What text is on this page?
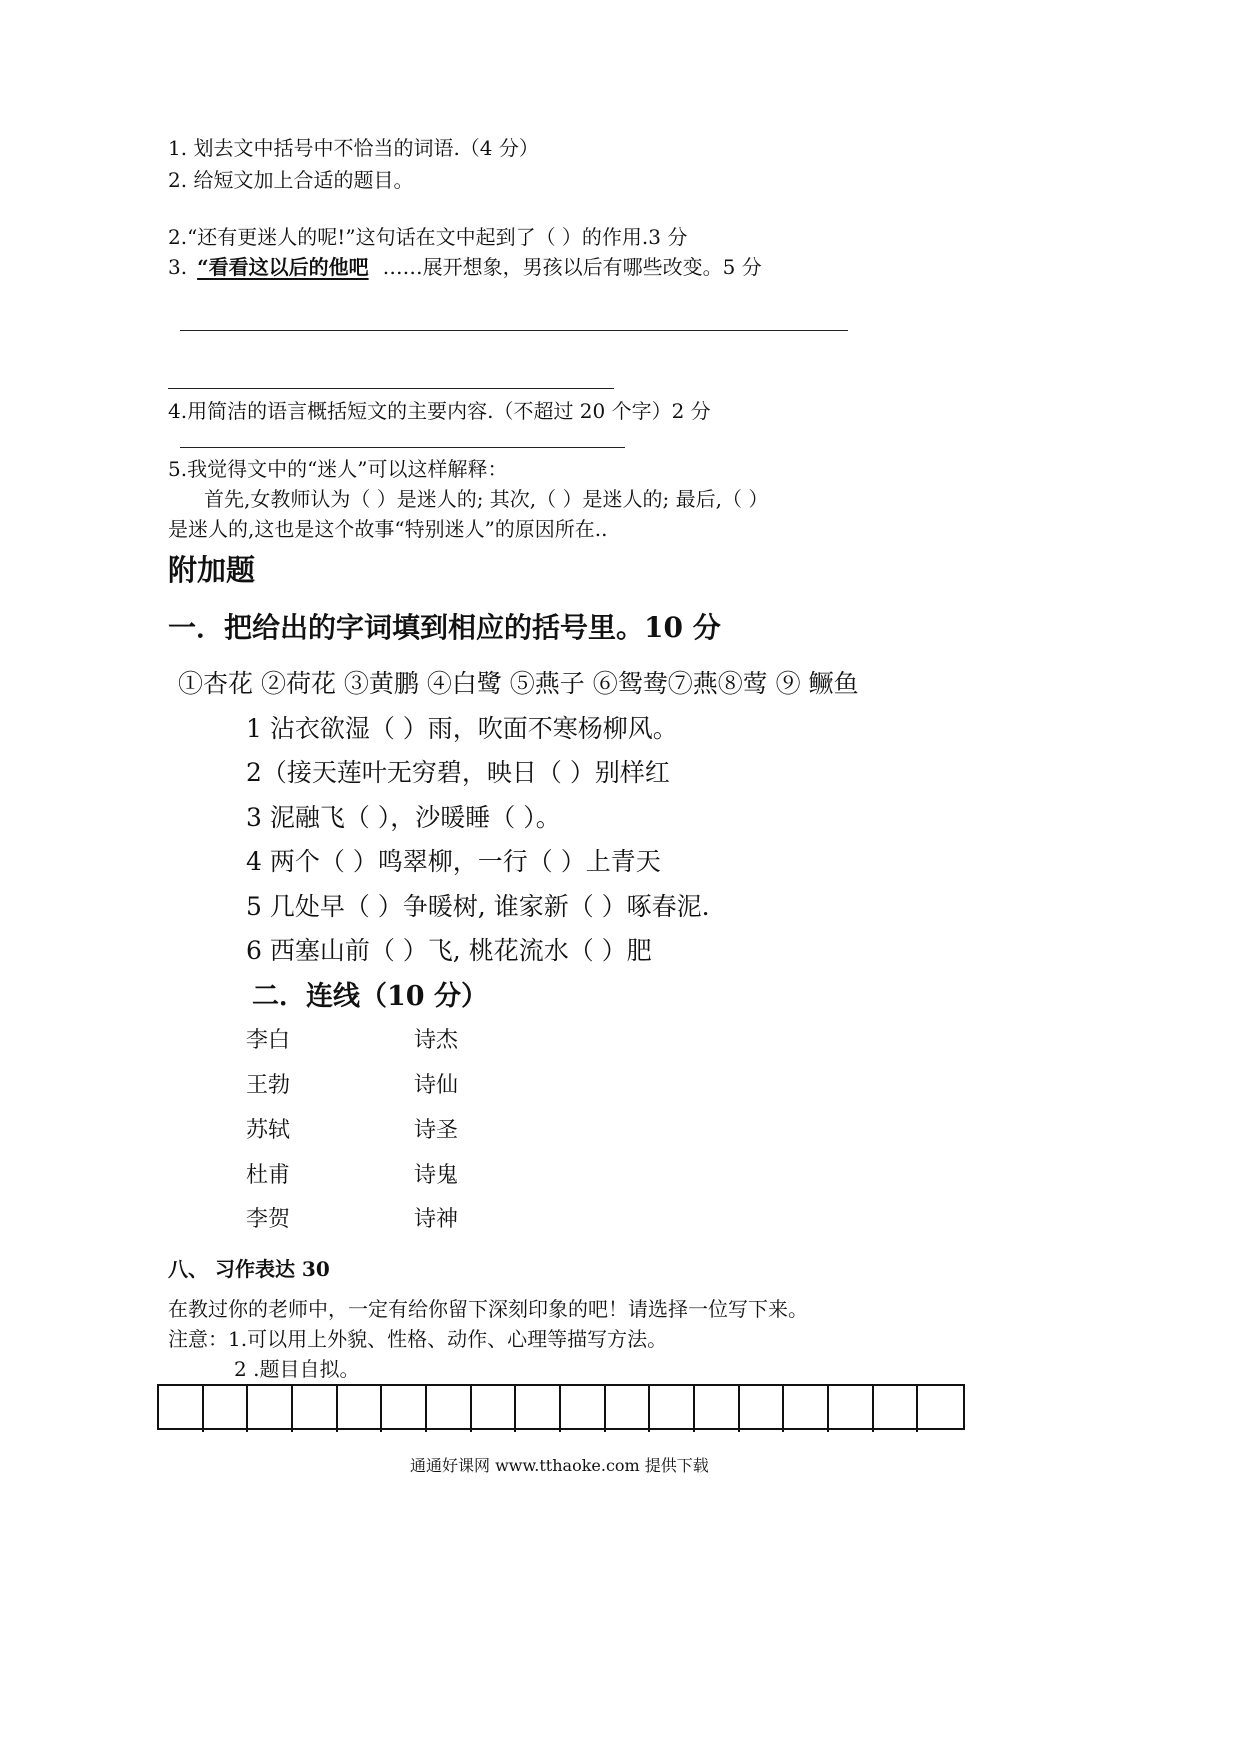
1. 划去文中括号中不恰当的词语.（4 分）
2. 给短文加上合适的题目。
2.“还有更迷人的呢!”这句话在文中起到了（ ）的作用.3 分
3. “看看这以后的他吧 ……展开想象，男孩以后有哪些改变。5 分
4.用简洁的语言概括短文的主要内容.（不超过 20 个字）2 分
5.我觉得文中的“迷人”可以这样解释：
首先,女教师认为（ ）是迷人的; 其次,（ ）是迷人的; 最后,（ ）
是迷人的,这也是这个故事“特别迷人”的原因所在..
附加题
一．把给出的字词填到相应的括号里。10 分
①杏花 ②荷花 ③黄鹏 ④白鹭 ⑤燕子 ⑥鸳鸯⑦燕⑧莺 ⑨ 鳜鱼
1 沾衣欲湿（ ）雨，吹面不寒杨柳风。
2（接天莲叶无穷碧，映日（ ）别样红
3 泥融飞（ ），沙暖睡（ ）。
4 两个（ ）鸣翠柳，一行（ ）上青天
5 几处早（ ）争暖树, 谁家新（ ）啄春泥.
6 西塞山前（ ）飞, 桃花流水（ ）肥
二．连线（10 分）
李白
王勃
苏轼
杜甫
李贺
诗杰
诗仙
诗圣
诗鬼
诗神
八、 习作表达 30
在教过你的老师中，一定有给你留下深刻印象的吧！请选择一位写下来。
注意：1.可以用上外貌、性格、动作、心理等描写方法。
2 .题目自拟。
通通好课网 www.tthaoke.com 提供下载
